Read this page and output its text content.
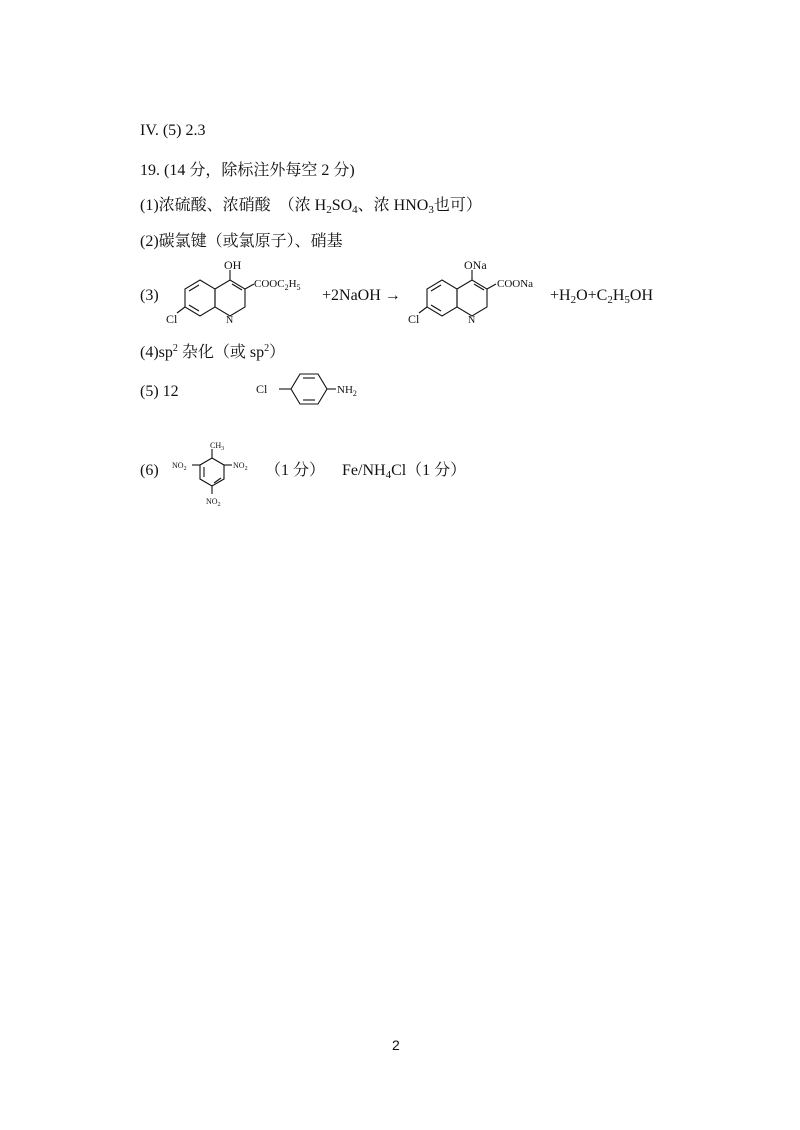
IV. (5) 2.3
19. (14 分，除标注外每空 2 分)
(1)浓硫酸、浓硝酸　（浓 $H_2SO_4$、浓 $HNO_3$也可）
(2)碳氯键（或氯原子）、硝基
(3)
OH
$COOC_2H_5$
Cl	N
+2NaOH →
ONa
COONa
Cl	N
$+H_2O+C_2H_5OH$
$(4)sp^2$ 杂化（或 $sp^2$）
(5) 12	Cl	$NH_2$
(6)
$CH_3$
$NO_2$	$NO_2$
$NO_2$
（1 分） $Fe/NH_4Cl(1$ 分）
2
